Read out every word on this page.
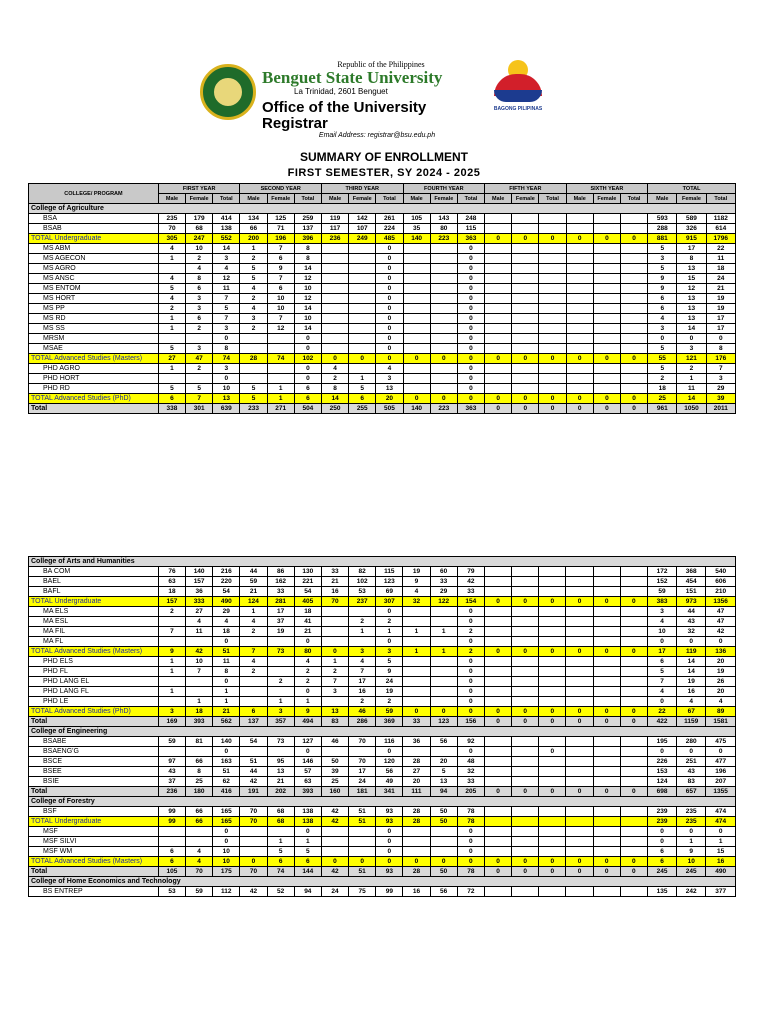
Republic of the Philippines
Benguet State University
La Trinidad, 2601 Benguet
Office of the University Registrar
Email Address: registrar@bsu.edu.ph
BAGONG PILIPINAS
SUMMARY OF ENROLLMENT
FIRST SEMESTER, SY 2024 - 2025
COLLEGE/ PROGRAM	FIRST YEAR			SECOND YEAR			THIRD YEAR			FOURTH YEAR			FIFTH YEAR			SIXTH YEAR			TOTAL		
	Male	Female	Total	Male	Female	Total	Male	Female	Total	Male	Female	Total	Male	Female	Total	Male	Female	Total	Male	Female	Total
College of Agriculture																					
BSA	235	179	414	134	125	259	119	142	261	105	143	248							593	589	1182
BSAB	70	68	138	66	71	137	117	107	224	35	80	115							288	326	614
TOTAL Undergraduate	305	247	552	200	196	396	236	249	485	140	223	363	0	0	0	0	0	0	881	915	1796
MS ABM	4	10	14	1	7	8			0			0							5	17	22
MS AGECON	1	2	3	2	6	8			0			0							3	8	11
MS AGRO		4	4	5	9	14			0			0							5	13	18
MS ANSC	4	8	12	5	7	12			0			0							9	15	24
MS ENTOM	5	6	11	4	6	10			0			0							9	12	21
MS HORT	4	3	7	2	10	12			0			0							6	13	19
MS PP	2	3	5	4	10	14			0			0							6	13	19
MS RD	1	6	7	3	7	10			0			0							4	13	17
MS SS	1	2	3	2	12	14			0			0							3	14	17
MRSM			0			0			0			0							0	0	0
MSAE	5	3	8			0			0			0							5	3	8
TOTAL Advanced Studies (Masters)	27	47	74	28	74	102	0	0	0	0	0	0	0	0	0	0	0	0	55	121	176
PHD AGRO	1	2	3			0	4		4			0							5	2	7
PHD HORT			0			0	2	1	3			0							2	1	3
PHD RD	5	5	10	5	1	6	8	5	13			0							18	11	29
TOTAL Advanced Studies (PhD)	6	7	13	5	1	6	14	6	20	0	0	0	0	0	0	0	0	0	25	14	39
Total	338	301	639	233	271	504	250	255	505	140	223	363	0	0	0	0	0	0	961	1050	2011
College of Arts and Humanities																					
BA COM	76	140	216	44	86	130	33	82	115	19	60	79							172	368	540
BAEL	63	157	220	59	162	221	21	102	123	9	33	42							152	454	606
BAFL	18	36	54	21	33	54	16	53	69	4	29	33							59	151	210
TOTAL Undergraduate	157	333	490	124	281	405	70	237	307	32	122	154	0	0	0	0	0	0	383	973	1356
MA ELS	2	27	29	1	17	18			0			0							3	44	47
MA ESL		4	4	4	37	41		2	2			0							4	43	47
MA FIL	7	11	18	2	19	21		1	1	1	1	2							10	32	42
MA FL			0			0			0			0							0	0	0
TOTAL Advanced Studies (Masters)	9	42	51	7	73	80	0	3	3	1	1	2	0	0	0	0	0	0	17	119	136
PHD ELS	1	10	11	4		4	1	4	5			0							6	14	20
PHD FL	1	7	8	2		2	2	7	9			0							5	14	19
PHD LANG EL			0		2	2	7	17	24			0							7	19	26
PHD LANG FL	1		1			0	3	16	19			0							4	16	20
PHD LE		1	1		1	1		2	2			0							0	4	4
TOTAL Advanced Studies (PhD)	3	18	21	6	3	9	13	46	59	0	0	0	0	0	0	0	0	0	22	67	89
Total	169	393	562	137	357	494	83	286	369	33	123	156	0	0	0	0	0	0	422	1159	1581
College of Engineering																					
BSABE	59	81	140	54	73	127	46	70	116	36	56	92							195	280	475
BSAENG'G			0			0			0			0			0				0	0	0
BSCE	97	66	163	51	95	146	50	70	120	28	20	48							226	251	477
BSEE	43	8	51	44	13	57	39	17	56	27	5	32							153	43	196
BSIE	37	25	62	42	21	63	25	24	49	20	13	33							124	83	207
Total	236	180	416	191	202	393	160	181	341	111	94	205	0	0	0	0	0	0	698	657	1355
College of Forestry																					
BSF	99	66	165	70	68	138	42	51	93	28	50	78							239	235	474
TOTAL Undergraduate	99	66	165	70	68	138	42	51	93	28	50	78							239	235	474
MSF			0			0			0			0							0	0	0
MSF SILVI			0		1	1			0			0							0	1	1
MSF WM	6	4	10		5	5			0			0							6	9	15
TOTAL Advanced Studies (Masters)	6	4	10	0	6	6	0	0	0	0	0	0	0	0	0	0	0	0	6	10	16
Total	105	70	175	70	74	144	42	51	93	28	50	78	0	0	0	0	0	0	245	245	490
College of Home Economics and Technology																					
BS ENTREP	53	59	112	42	52	94	24	75	99	16	56	72							135	242	377
